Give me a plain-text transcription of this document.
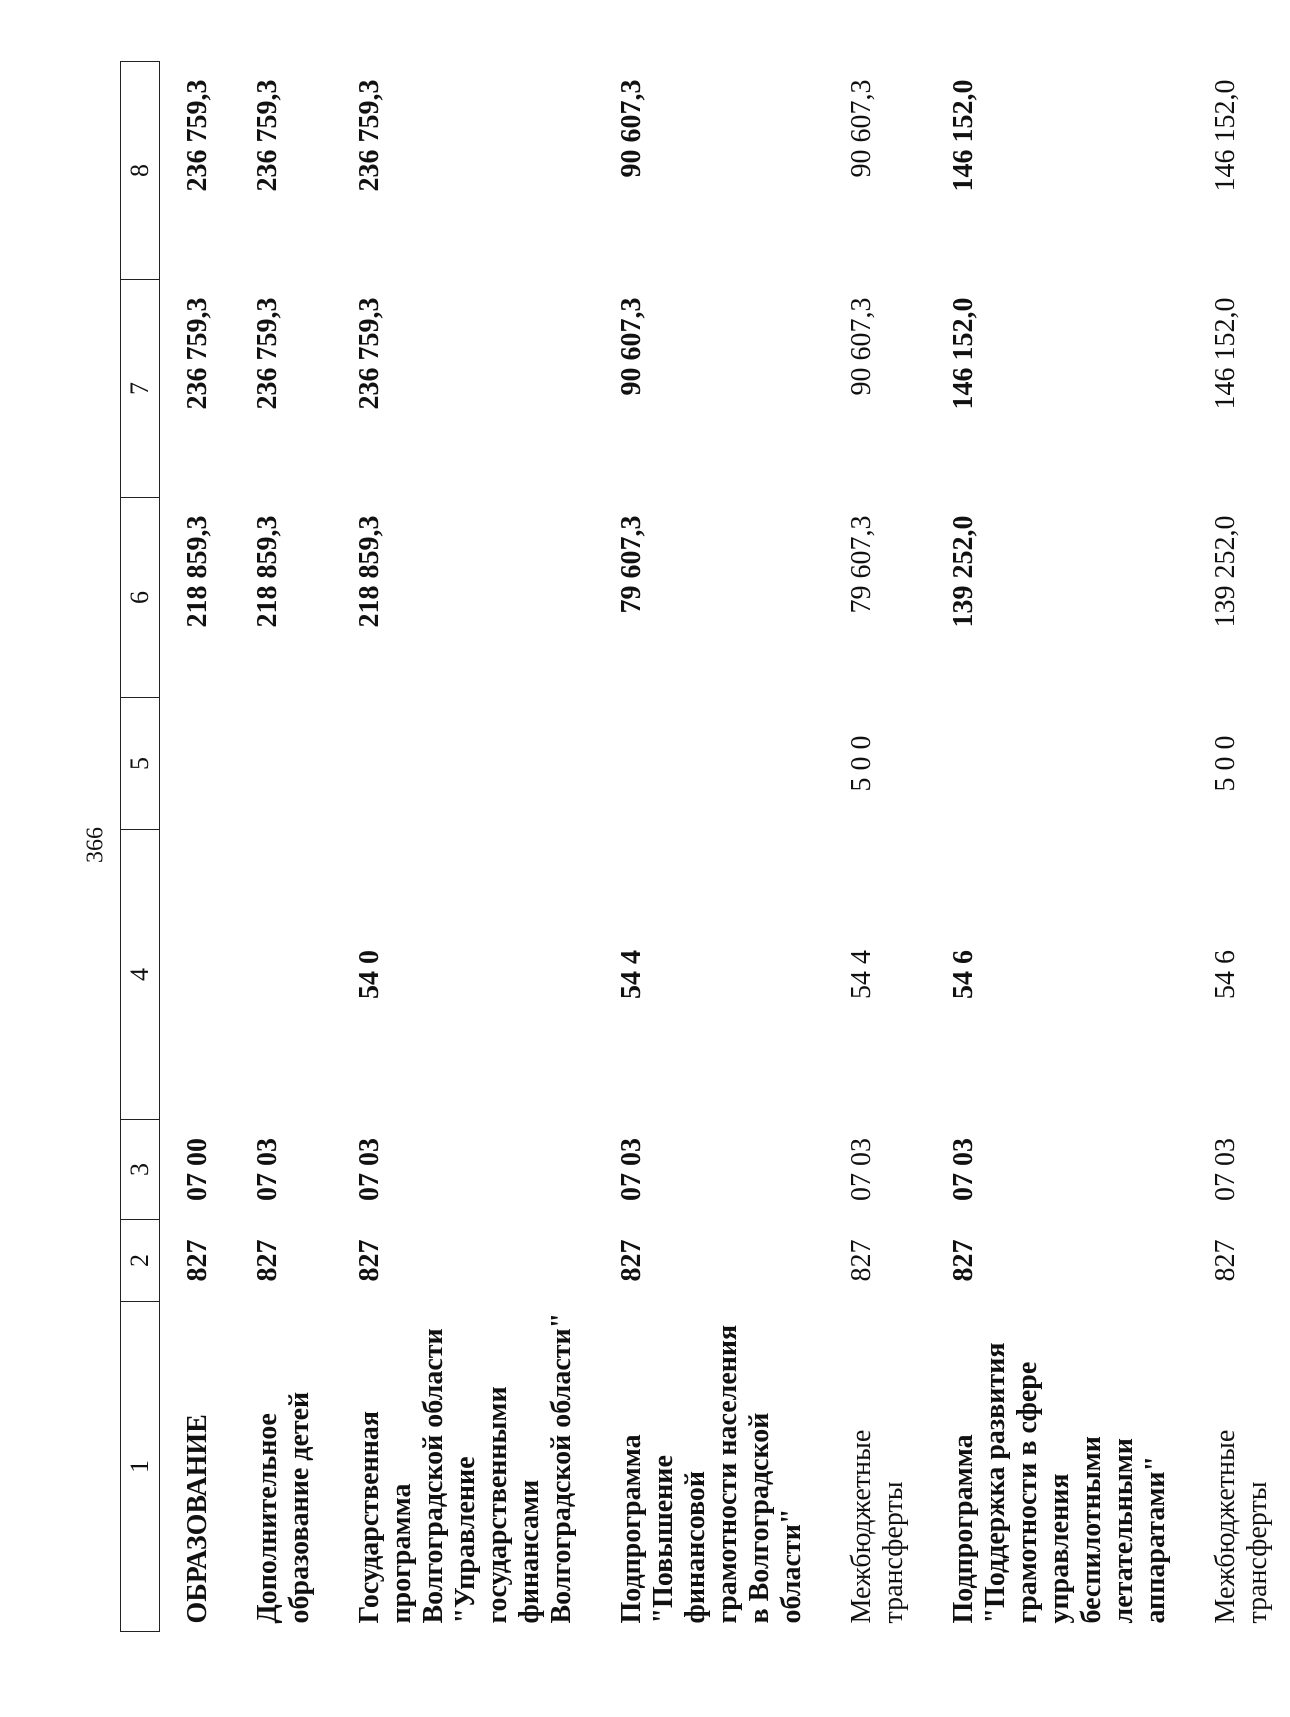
366
1	2	3	4	5	6	7	8
ОБРАЗОВАНИЕ	827	07 00			218 859,3	236 759,3	236 759,3
Дополнительное образование детей	827	07 03			218 859,3	236 759,3	236 759,3
Государственная программа Волгоградской области "Управление государственными финансами Волгоградской области"	827	07 03	54 0		218 859,3	236 759,3	236 759,3
Подпрограмма "Повышение финансовой грамотности населения в Волгоградской области"	827	07 03	54 4		79 607,3	90 607,3	90 607,3
Межбюджетные трансферты	827	07 03	54 4	5 0 0	79 607,3	90 607,3	90 607,3
Подпрограмма "Поддержка развития грамотности в сфере управления беспилотными летательными аппаратами"	827	07 03	54 6		139 252,0	146 152,0	146 152,0
Межбюджетные трансферты	827	07 03	54 6	5 0 0	139 252,0	146 152,0	146 152,0
